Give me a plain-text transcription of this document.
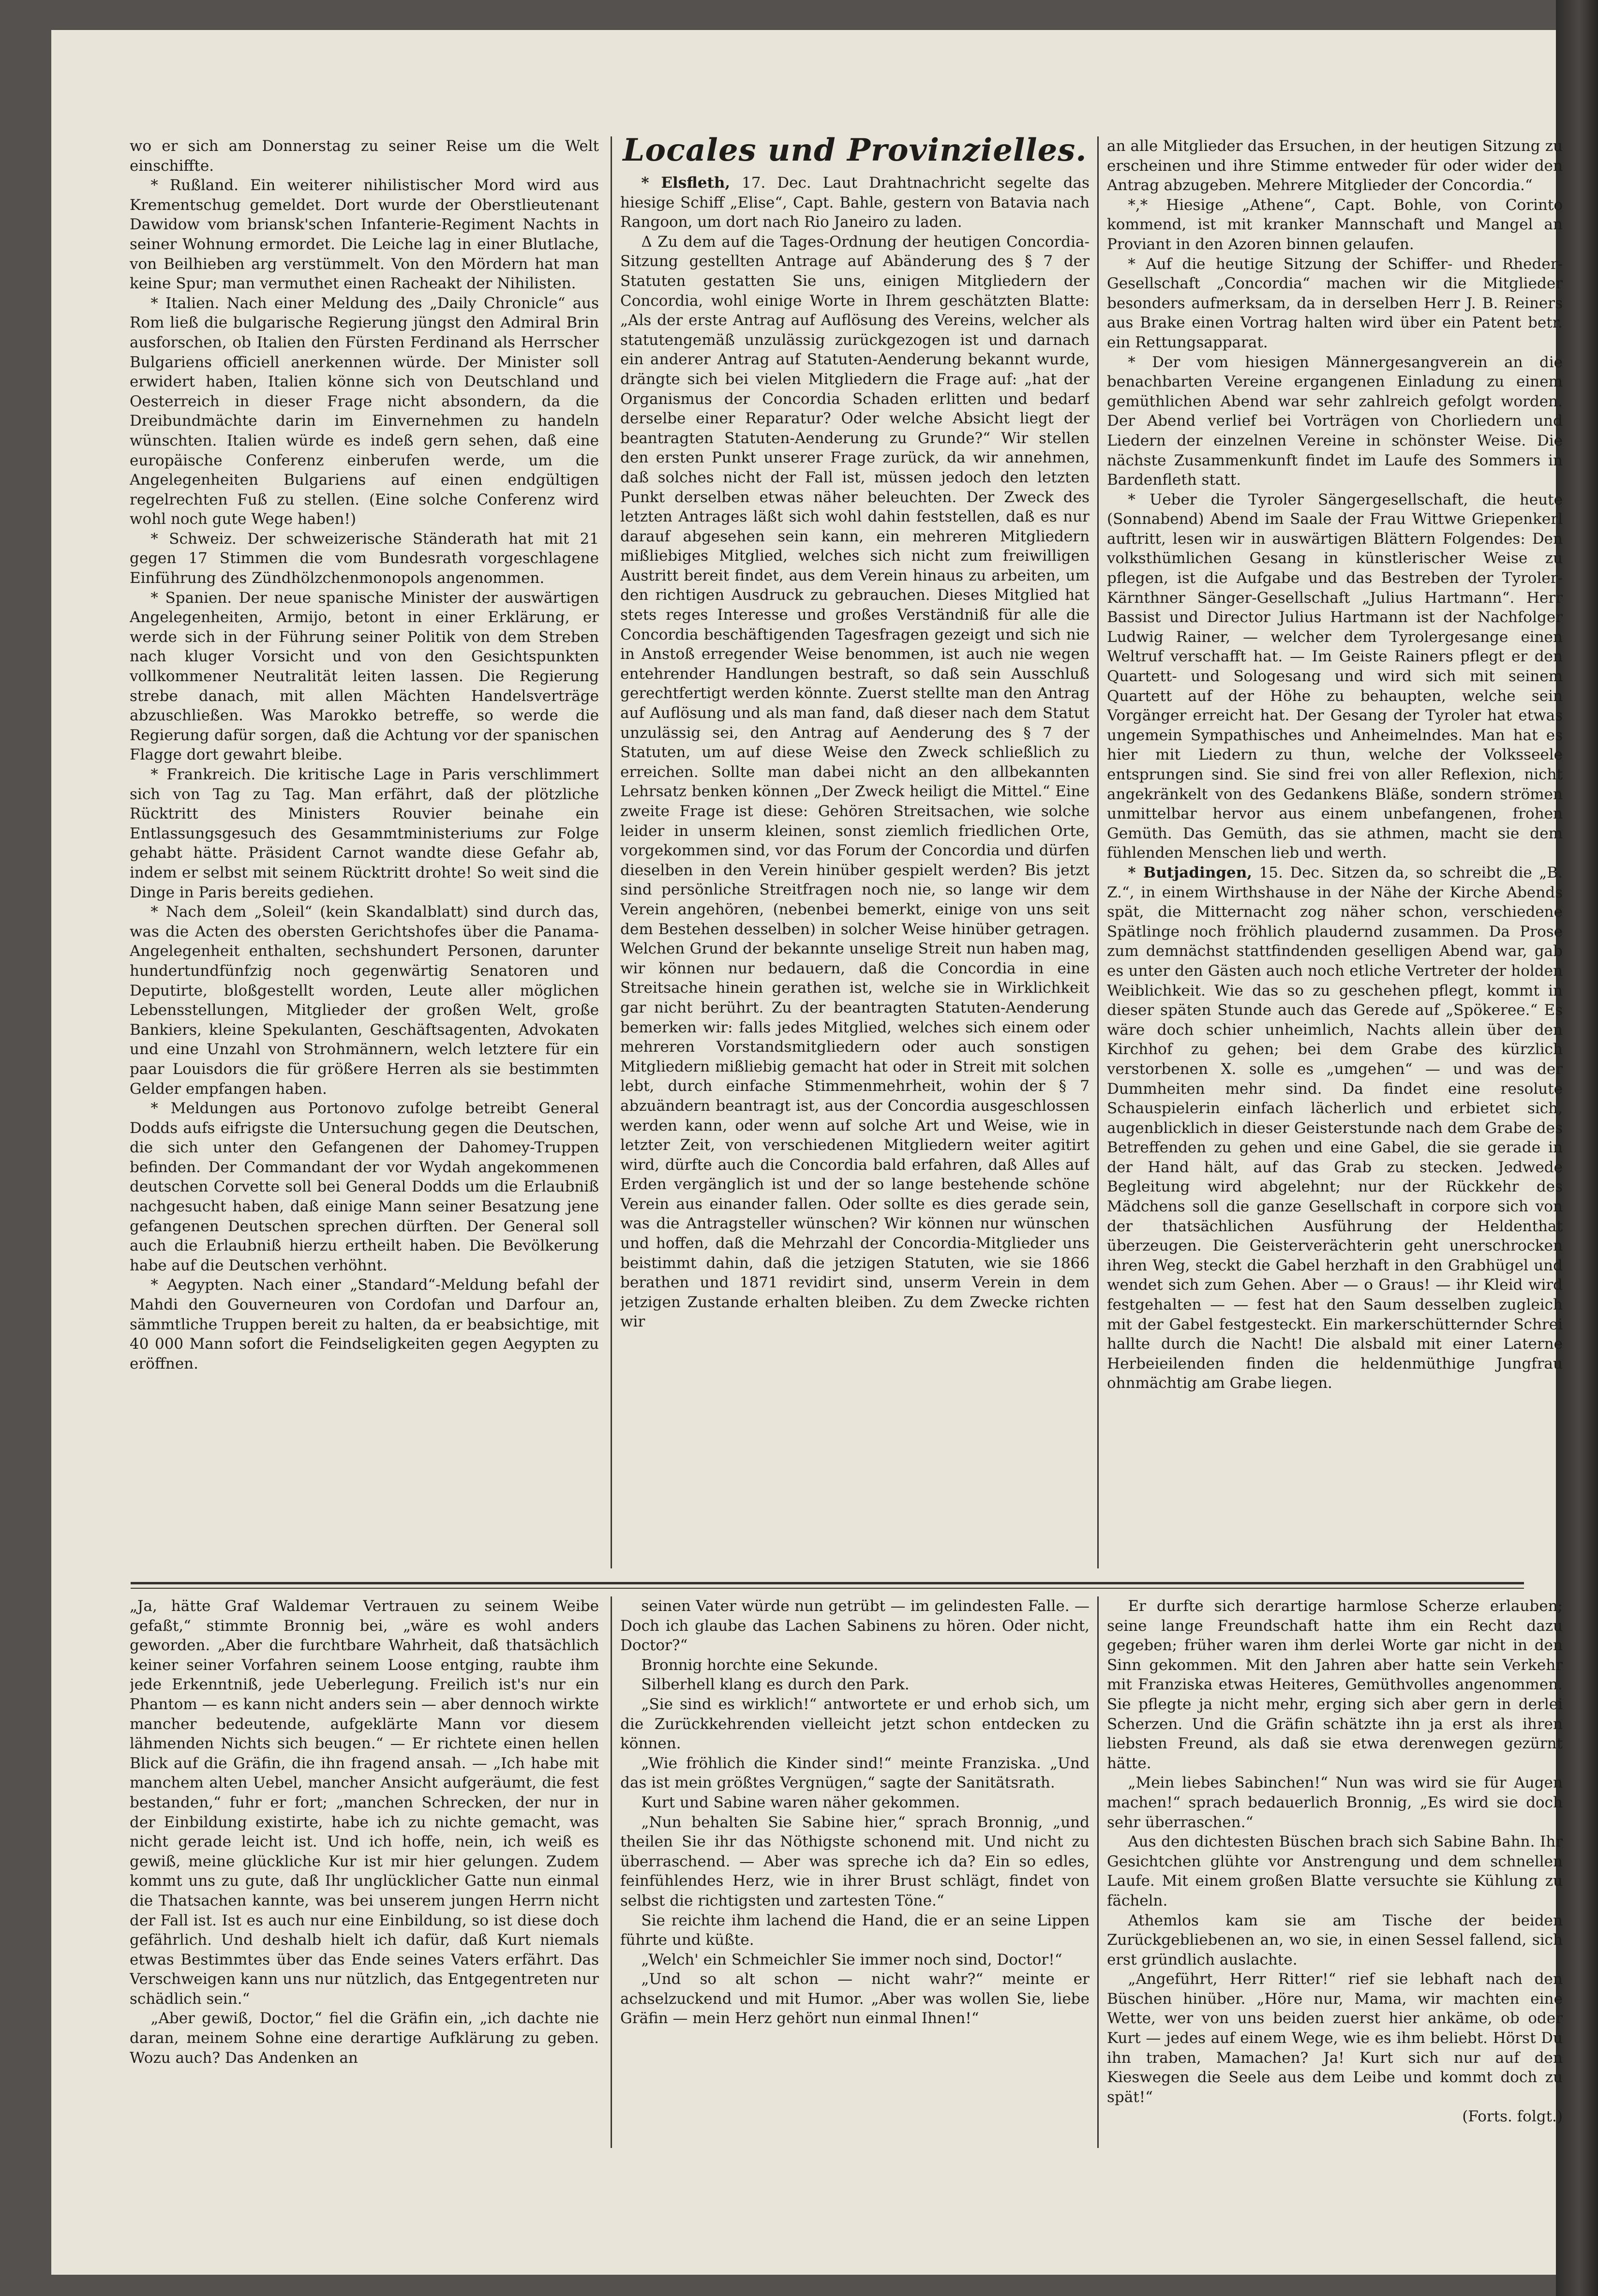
wo er sich am Donnerstag zu seiner Reise um die Welt einschiffte.

* Rußland. Ein weiterer nihilistischer Mord wird aus Krementschug gemeldet. Dort wurde der Oberstlieutenant Dawidow vom briansk'schen Infanterie-Regiment Nachts in seiner Wohnung ermordet. Die Leiche lag in einer Blutlache, von Beilhieben arg verstümmelt. Von den Mördern hat man keine Spur; man vermuthet einen Racheakt der Nihilisten.

* Italien. Nach einer Meldung des „Daily Chronicle“ aus Rom ließ die bulgarische Regierung jüngst den Admiral Brin ausforschen, ob Italien den Fürsten Ferdinand als Herrscher Bulgariens officiell anerkennen würde. Der Minister soll erwidert haben, Italien könne sich von Deutschland und Oesterreich in dieser Frage nicht absondern, da die Dreibundmächte darin im Einvernehmen zu handeln wünschten. Italien würde es indeß gern sehen, daß eine europäische Conferenz einberufen werde, um die Angelegenheiten Bulgariens auf einen endgültigen regelrechten Fuß zu stellen. (Eine solche Conferenz wird wohl noch gute Wege haben!)

* Schweiz. Der schweizerische Ständerath hat mit 21 gegen 17 Stimmen die vom Bundesrath vorgeschlagene Einführung des Zündhölzchenmonopols angenommen.

* Spanien. Der neue spanische Minister der auswärtigen Angelegenheiten, Armijo, betont in einer Erklärung, er werde sich in der Führung seiner Politik von dem Streben nach kluger Vorsicht und von den Gesichtspunkten vollkommener Neutralität leiten lassen. Die Regierung strebe danach, mit allen Mächten Handelsverträge abzuschließen. Was Marokko betreffe, so werde die Regierung dafür sorgen, daß die Achtung vor der spanischen Flagge dort gewahrt bleibe.

* Frankreich. Die kritische Lage in Paris verschlimmert sich von Tag zu Tag. Man erfährt, daß der plötzliche Rücktritt des Ministers Rouvier beinahe ein Entlassungsgesuch des Gesammtministeriums zur Folge gehabt hätte. Präsident Carnot wandte diese Gefahr ab, indem er selbst mit seinem Rücktritt drohte! So weit sind die Dinge in Paris bereits gediehen.

* Nach dem „Soleil“ (kein Skandalblatt) sind durch das, was die Acten des obersten Gerichtshofes über die Panama-Angelegenheit enthalten, sechshundert Personen, darunter hundertundfünfzig noch gegenwärtig Senatoren und Deputirte, bloßgestellt worden, Leute aller möglichen Lebensstellungen, Mitglieder der großen Welt, große Bankiers, kleine Spekulanten, Geschäftsagenten, Advokaten und eine Unzahl von Strohmännern, welch letztere für ein paar Louisdors die für größere Herren als sie bestimmten Gelder empfangen haben.

* Meldungen aus Portonovo zufolge betreibt General Dodds aufs eifrigste die Untersuchung gegen die Deutschen, die sich unter den Gefangenen der Dahomey-Truppen befinden. Der Commandant der vor Wydah angekommenen deutschen Corvette soll bei General Dodds um die Erlaubniß nachgesucht haben, daß einige Mann seiner Besatzung jene gefangenen Deutschen sprechen dürften. Der General soll auch die Erlaubniß hierzu ertheilt haben. Die Bevölkerung habe auf die Deutschen verhöhnt.

* Aegypten. Nach einer „Standard“-Meldung befahl der Mahdi den Gouverneuren von Cordofan und Darfour an, sämmtliche Truppen bereit zu halten, da er beabsichtige, mit 40 000 Mann sofort die Feindseligkeiten gegen Aegypten zu eröffnen.

Locales und Provinzielles.

* Elsfleth, 17. Dec. Laut Drahtnachricht segelte das hiesige Schiff „Elise“, Capt. Bahle, gestern von Batavia nach Rangoon, um dort nach Rio Janeiro zu laden.

Δ Zu dem auf die Tages-Ordnung der heutigen Concordia-Sitzung gestellten Antrage auf Abänderung des § 7 der Statuten gestatten Sie uns, einigen Mitgliedern der Concordia, wohl einige Worte in Ihrem geschätzten Blatte: „Als der erste Antrag auf Auflösung des Vereins, welcher als statutengemäß unzulässig zurückgezogen ist und darnach ein anderer Antrag auf Statuten-Aenderung bekannt wurde, drängte sich bei vielen Mitgliedern die Frage auf: „hat der Organismus der Concordia Schaden erlitten und bedarf derselbe einer Reparatur? Oder welche Absicht liegt der beantragten Statuten-Aenderung zu Grunde?“ Wir stellen den ersten Punkt unserer Frage zurück, da wir annehmen, daß solches nicht der Fall ist, müssen jedoch den letzten Punkt derselben etwas näher beleuchten. Der Zweck des letzten Antrages läßt sich wohl dahin feststellen, daß es nur darauf abgesehen sein kann, ein mehreren Mitgliedern mißliebiges Mitglied, welches sich nicht zum freiwilligen Austritt bereit findet, aus dem Verein hinaus zu arbeiten, um den richtigen Ausdruck zu gebrauchen. Dieses Mitglied hat stets reges Interesse und großes Verständniß für alle die Concordia beschäftigenden Tagesfragen gezeigt und sich nie in Anstoß erregender Weise benommen, ist auch nie wegen entehrender Handlungen bestraft, so daß sein Ausschluß gerechtfertigt werden könnte. Zuerst stellte man den Antrag auf Auflösung und als man fand, daß dieser nach dem Statut unzulässig sei, den Antrag auf Aenderung des § 7 der Statuten, um auf diese Weise den Zweck schließlich zu erreichen. Sollte man dabei nicht an den allbekannten Lehrsatz benken können „Der Zweck heiligt die Mittel.“ Eine zweite Frage ist diese: Gehören Streitsachen, wie solche leider in unserm kleinen, sonst ziemlich friedlichen Orte, vorgekommen sind, vor das Forum der Concordia und dürfen dieselben in den Verein hinüber gespielt werden? Bis jetzt sind persönliche Streitfragen noch nie, so lange wir dem Verein angehören, (nebenbei bemerkt, einige von uns seit dem Bestehen desselben) in solcher Weise hinüber getragen. Welchen Grund der bekannte unselige Streit nun haben mag, wir können nur bedauern, daß die Concordia in eine Streitsache hinein gerathen ist, welche sie in Wirklichkeit gar nicht berührt. Zu der beantragten Statuten-Aenderung bemerken wir: falls jedes Mitglied, welches sich einem oder mehreren Vorstandsmitgliedern oder auch sonstigen Mitgliedern mißliebig gemacht hat oder in Streit mit solchen lebt, durch einfache Stimmenmehrheit, wohin der § 7 abzuändern beantragt ist, aus der Concordia ausgeschlossen werden kann, oder wenn auf solche Art und Weise, wie in letzter Zeit, von verschiedenen Mitgliedern weiter agitirt wird, dürfte auch die Concordia bald erfahren, daß Alles auf Erden vergänglich ist und der so lange bestehende schöne Verein aus einander fallen. Oder sollte es dies gerade sein, was die Antragsteller wünschen? Wir können nur wünschen und hoffen, daß die Mehrzahl der Concordia-Mitglieder uns beistimmt dahin, daß die jetzigen Statuten, wie sie 1866 berathen und 1871 revidirt sind, unserm Verein in dem jetzigen Zustande erhalten bleiben. Zu dem Zwecke richten wir

an alle Mitglieder das Ersuchen, in der heutigen Sitzung zu erscheinen und ihre Stimme entweder für oder wider den Antrag abzugeben. Mehrere Mitglieder der Concordia.“

*,* Hiesige „Athene“, Capt. Bohle, von Corinto kommend, ist mit kranker Mannschaft und Mangel an Proviant in den Azoren binnen gelaufen.

* Auf die heutige Sitzung der Schiffer- und Rheder-Gesellschaft „Concordia“ machen wir die Mitglieder besonders aufmerksam, da in derselben Herr J. B. Reiners aus Brake einen Vortrag halten wird über ein Patent betr. ein Rettungsapparat.

* Der vom hiesigen Männergesangverein an die benachbarten Vereine ergangenen Einladung zu einem gemüthlichen Abend war sehr zahlreich gefolgt worden. Der Abend verlief bei Vorträgen von Chorliedern und Liedern der einzelnen Vereine in schönster Weise. Die nächste Zusammenkunft findet im Laufe des Sommers in Bardenfleth statt.

* Ueber die Tyroler Sängergesellschaft, die heute (Sonnabend) Abend im Saale der Frau Wittwe Griepenkerl auftritt, lesen wir in auswärtigen Blättern Folgendes: Den volksthümlichen Gesang in künstlerischer Weise zu pflegen, ist die Aufgabe und das Bestreben der Tyroler-Kärnthner Sänger-Gesellschaft „Julius Hartmann“. Herr Bassist und Director Julius Hartmann ist der Nachfolger Ludwig Rainer, — welcher dem Tyrolergesange einen Weltruf verschafft hat. — Im Geiste Rainers pflegt er den Quartett- und Sologesang und wird sich mit seinem Quartett auf der Höhe zu behaupten, welche sein Vorgänger erreicht hat. Der Gesang der Tyroler hat etwas ungemein Sympathisches und Anheimelndes. Man hat es hier mit Liedern zu thun, welche der Volksseele entsprungen sind. Sie sind frei von aller Reflexion, nicht angekränkelt von des Gedankens Bläße, sondern strömen unmittelbar hervor aus einem unbefangenen, frohen Gemüth. Das Gemüth, das sie athmen, macht sie dem fühlenden Menschen lieb und werth.

* Butjadingen, 15. Dec. Sitzen da, so schreibt die „B. Z.“, in einem Wirthshause in der Nähe der Kirche Abends spät, die Mitternacht zog näher schon, verschiedene Spätlinge noch fröhlich plaudernd zusammen. Da Prose zum demnächst stattfindenden geselligen Abend war, gab es unter den Gästen auch noch etliche Vertreter der holden Weiblichkeit. Wie das so zu geschehen pflegt, kommt in dieser späten Stunde auch das Gerede auf „Spökeree.“ Es wäre doch schier unheimlich, Nachts allein über den Kirchhof zu gehen; bei dem Grabe des kürzlich verstorbenen X. solle es „umgehen“ — und was der Dummheiten mehr sind. Da findet eine resolute Schauspielerin einfach lächerlich und erbietet sich, augenblicklich in dieser Geisterstunde nach dem Grabe des Betreffenden zu gehen und eine Gabel, die sie gerade in der Hand hält, auf das Grab zu stecken. Jedwede Begleitung wird abgelehnt; nur der Rückkehr des Mädchens soll die ganze Gesellschaft in corpore sich von der thatsächlichen Ausführung der Heldenthat überzeugen. Die Geisterverächterin geht unerschrocken ihren Weg, steckt die Gabel herzhaft in den Grabhügel und wendet sich zum Gehen. Aber — o Graus! — ihr Kleid wird festgehalten — — fest hat den Saum desselben zugleich mit der Gabel festgesteckt. Ein markerschütternder Schrei hallte durch die Nacht! Die alsbald mit einer Laterne Herbeieilenden finden die heldenmüthige Jungfrau ohnmächtig am Grabe liegen.

„Ja, hätte Graf Waldemar Vertrauen zu seinem Weibe gefaßt,“ stimmte Bronnig bei, „wäre es wohl anders geworden. „Aber die furchtbare Wahrheit, daß thatsächlich keiner seiner Vorfahren seinem Loose entging, raubte ihm jede Erkenntniß, jede Ueberlegung. Freilich ist's nur ein Phantom — es kann nicht anders sein — aber dennoch wirkte mancher bedeutende, aufgeklärte Mann vor diesem lähmenden Nichts sich beugen.“ — Er richtete einen hellen Blick auf die Gräfin, die ihn fragend ansah. — „Ich habe mit manchem alten Uebel, mancher Ansicht aufgeräumt, die fest bestanden,“ fuhr er fort; „manchen Schrecken, der nur in der Einbildung existirte, habe ich zu nichte gemacht, was nicht gerade leicht ist. Und ich hoffe, nein, ich weiß es gewiß, meine glückliche Kur ist mir hier gelungen. Zudem kommt uns zu gute, daß Ihr unglücklicher Gatte nun einmal die Thatsachen kannte, was bei unserem jungen Herrn nicht der Fall ist. Ist es auch nur eine Einbildung, so ist diese doch gefährlich. Und deshalb hielt ich dafür, daß Kurt niemals etwas Bestimmtes über das Ende seines Vaters erfährt. Das Verschweigen kann uns nur nützlich, das Entgegentreten nur schädlich sein.“

„Aber gewiß, Doctor,“ fiel die Gräfin ein, „ich dachte nie daran, meinem Sohne eine derartige Aufklärung zu geben. Wozu auch? Das Andenken an

seinen Vater würde nun getrübt — im gelindesten Falle. — Doch ich glaube das Lachen Sabinens zu hören. Oder nicht, Doctor?“

Bronnig horchte eine Sekunde.

Silberhell klang es durch den Park.

„Sie sind es wirklich!“ antwortete er und erhob sich, um die Zurückkehrenden vielleicht jetzt schon entdecken zu können.

„Wie fröhlich die Kinder sind!“ meinte Franziska. „Und das ist mein größtes Vergnügen,“ sagte der Sanitätsrath.

Kurt und Sabine waren näher gekommen.

„Nun behalten Sie Sabine hier,“ sprach Bronnig, „und theilen Sie ihr das Nöthigste schonend mit. Und nicht zu überraschend. — Aber was spreche ich da? Ein so edles, feinfühlendes Herz, wie in ihrer Brust schlägt, findet von selbst die richtigsten und zartesten Töne.“

Sie reichte ihm lachend die Hand, die er an seine Lippen führte und küßte.

„Welch' ein Schmeichler Sie immer noch sind, Doctor!“

„Und so alt schon — nicht wahr?“ meinte er achselzuckend und mit Humor. „Aber was wollen Sie, liebe Gräfin — mein Herz gehört nun einmal Ihnen!“

Er durfte sich derartige harmlose Scherze erlauben; seine lange Freundschaft hatte ihm ein Recht dazu gegeben; früher waren ihm derlei Worte gar nicht in den Sinn gekommen. Mit den Jahren aber hatte sein Verkehr mit Franziska etwas Heiteres, Gemüthvolles angenommen. Sie pflegte ja nicht mehr, erging sich aber gern in derlei Scherzen. Und die Gräfin schätzte ihn ja erst als ihren liebsten Freund, als daß sie etwa derenwegen gezürnt hätte.

„Mein liebes Sabinchen!“ Nun was wird sie für Augen machen!“ sprach bedauerlich Bronnig, „Es wird sie doch sehr überraschen.“

Aus den dichtesten Büschen brach sich Sabine Bahn. Ihr Gesichtchen glühte vor Anstrengung und dem schnellen Laufe. Mit einem großen Blatte versuchte sie Kühlung zu fächeln.

Athemlos kam sie am Tische der beiden Zurückgebliebenen an, wo sie, in einen Sessel fallend, sich erst gründlich auslachte.

„Angeführt, Herr Ritter!“ rief sie lebhaft nach den Büschen hinüber. „Höre nur, Mama, wir machten eine Wette, wer von uns beiden zuerst hier ankäme, ob oder Kurt — jedes auf einem Wege, wie es ihm beliebt. Hörst Du ihn traben, Mamachen? Ja! Kurt sich nur auf den Kieswegen die Seele aus dem Leibe und kommt doch zu spät!“

(Forts. folgt.)
